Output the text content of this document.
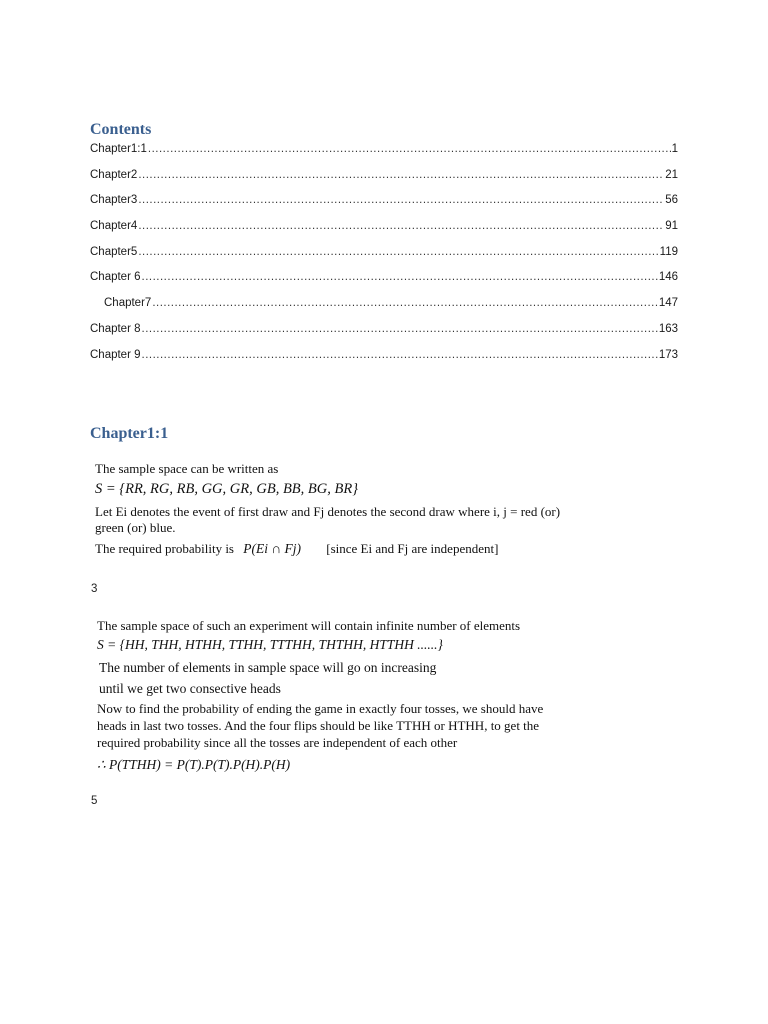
Contents
Chapter1:1 .....	1
Chapter2 .....	21
Chapter3 .....	56
Chapter4 .....	91
Chapter5 .....	119
Chapter 6 .....	146
Chapter7 .....	147
Chapter 8 .....	163
Chapter 9 .....	173
Chapter1:1
The sample space can be written as
S = {RR, RG, RB, GG, GR, GB, BB, BG, BR}
Let Ei denotes the event of first draw and Fj denotes the second draw where i, j = red (or)
green (or) blue.
The required probability is P(Ei ∩ Fj) [since Ei and Fj are independent]
3
The sample space of such an experiment will contain infinite number of elements
S = {HH, THH, HTHH, TTHH, TTTHH, THTHH, HTTHH ......}
The number of elements in sample space will go on increasing
until we get two consective heads
Now to find the probability of ending the game in exactly four tosses, we should have
heads in last two tosses. And the four flips should be like TTHH or HTHH, to get the
required probability since all the tosses are independent of each other
∴ P(TTHH) = P(T).P(T).P(H).P(H)
5
